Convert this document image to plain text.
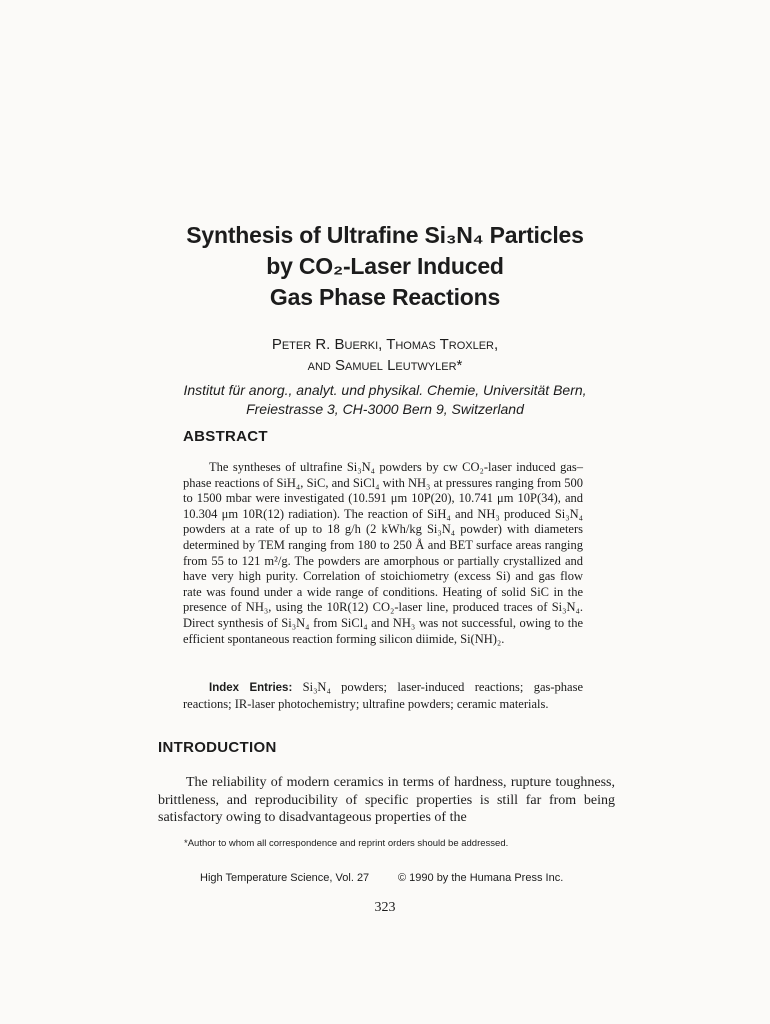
Synthesis of Ultrafine Si₃N₄ Particles
by CO₂-Laser Induced
Gas Phase Reactions
Peter R. Buerki, Thomas Troxler,
and Samuel Leutwyler*
Institut für anorg., analyt. und physikal. Chemie, Universität Bern,
Freiestrasse 3, CH-3000 Bern 9, Switzerland
ABSTRACT
The syntheses of ultrafine Si₃N₄ powders by cw CO₂-laser induced gas–phase reactions of SiH₄, SiC, and SiCl₄ with NH₃ at pressures ranging from 500 to 1500 mbar were investigated (10.591 μm 10P(20), 10.741 μm 10P(34), and 10.304 μm 10R(12) radiation). The reaction of SiH₄ and NH₃ produced Si₃N₄ powders at a rate of up to 18 g/h (2 kWh/kg Si₃N₄ powder) with diameters determined by TEM ranging from 180 to 250 Å and BET surface areas ranging from 55 to 121 m²/g. The powders are amorphous or partially crystallized and have very high purity. Correlation of stoichiometry (excess Si) and gas flow rate was found under a wide range of conditions. Heating of solid SiC in the presence of NH₃, using the 10R(12) CO₂-laser line, produced traces of Si₃N₄. Direct synthesis of Si₃N₄ from SiCl₄ and NH₃ was not successful, owing to the efficient spontaneous reaction forming silicon diimide, Si(NH)₂.
Index Entries: Si₃N₄ powders; laser-induced reactions; gas-phase reactions; IR-laser photochemistry; ultrafine powders; ceramic materials.
INTRODUCTION
The reliability of modern ceramics in terms of hardness, rupture toughness, brittleness, and reproducibility of specific properties is still far from being satisfactory owing to disadvantageous properties of the
*Author to whom all correspondence and reprint orders should be addressed.
High Temperature Science, Vol. 27	© 1990 by the Humana Press Inc.
323
